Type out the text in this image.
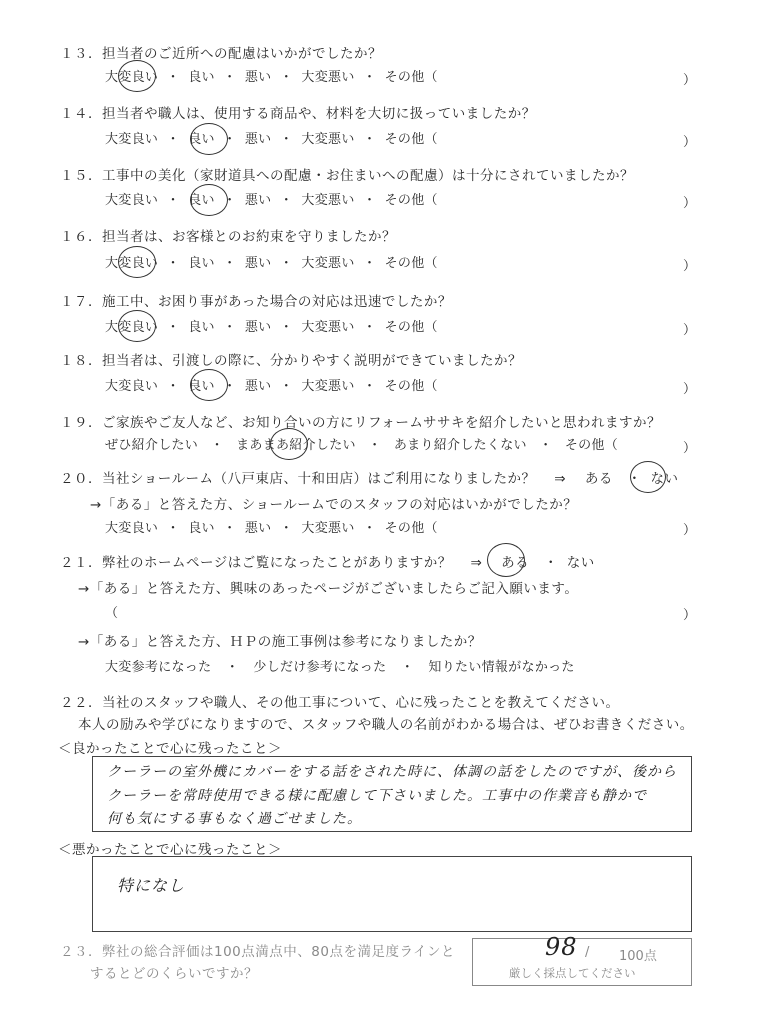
１３．担当者のご近所への配慮はいかがでしたか？
大変良い ・ 良い ・ 悪い ・ 大変悪い ・ その他（	）
１４．担当者や職人は、使用する商品や、材料を大切に扱っていましたか？
大変良い ・ 良い ・ 悪い ・ 大変悪い ・ その他（	）
１５．工事中の美化（家財道具への配慮・お住まいへの配慮）は十分にされていましたか？
大変良い ・ 良い ・ 悪い ・ 大変悪い ・ その他（	）
１６．担当者は、お客様とのお約束を守りましたか？
大変良い ・ 良い ・ 悪い ・ 大変悪い ・ その他（	）
１７．施工中、お困り事があった場合の対応は迅速でしたか？
大変良い ・ 良い ・ 悪い ・ 大変悪い ・ その他（	）
１８．担当者は、引渡しの際に、分かりやすく説明ができていましたか？
大変良い ・ 良い ・ 悪い ・ 大変悪い ・ その他（	）
１９．ご家族やご友人など、お知り合いの方にリフォームササキを紹介したいと思われますか？
ぜひ紹介したい ・ まあまあ紹介したい ・ あまり紹介したくない ・ その他（	）
２０．当社ショールーム（八戸東店、十和田店）はご利用になりましたか？ ⇒ ある ・ ない
→「ある」と答えた方、ショールームでのスタッフの対応はいかがでしたか？
大変良い ・ 良い ・ 悪い ・ 大変悪い ・ その他（	）
２１．弊社のホームページはご覧になったことがありますか？ ⇒ ある ・ ない
→「ある」と答えた方、興味のあったページがございましたらご記入願います。
（	）
→「ある」と答えた方、ＨＰの施工事例は参考になりましたか？
大変参考になった ・ 少しだけ参考になった ・ 知りたい情報がなかった
２２．当社のスタッフや職人、その他工事について、心に残ったことを教えてください。
本人の励みや学びになりますので、スタッフや職人の名前がわかる場合は、ぜひお書きください。
＜良かったことで心に残ったこと＞
クーラーの室外機にカバーをする話をされた時に、体調の話をしたのですが、後から
クーラーを常時使用できる様に配慮して下さいました。工事中の作業音も静かで
何も気にする事もなく過ごせました。
＜悪かったことで心に残ったこと＞
特になし
２３．弊社の総合評価は100点満点中、80点を満足度ラインと
するとどのくらいですか？
98 / 100点
厳しく採点してください
